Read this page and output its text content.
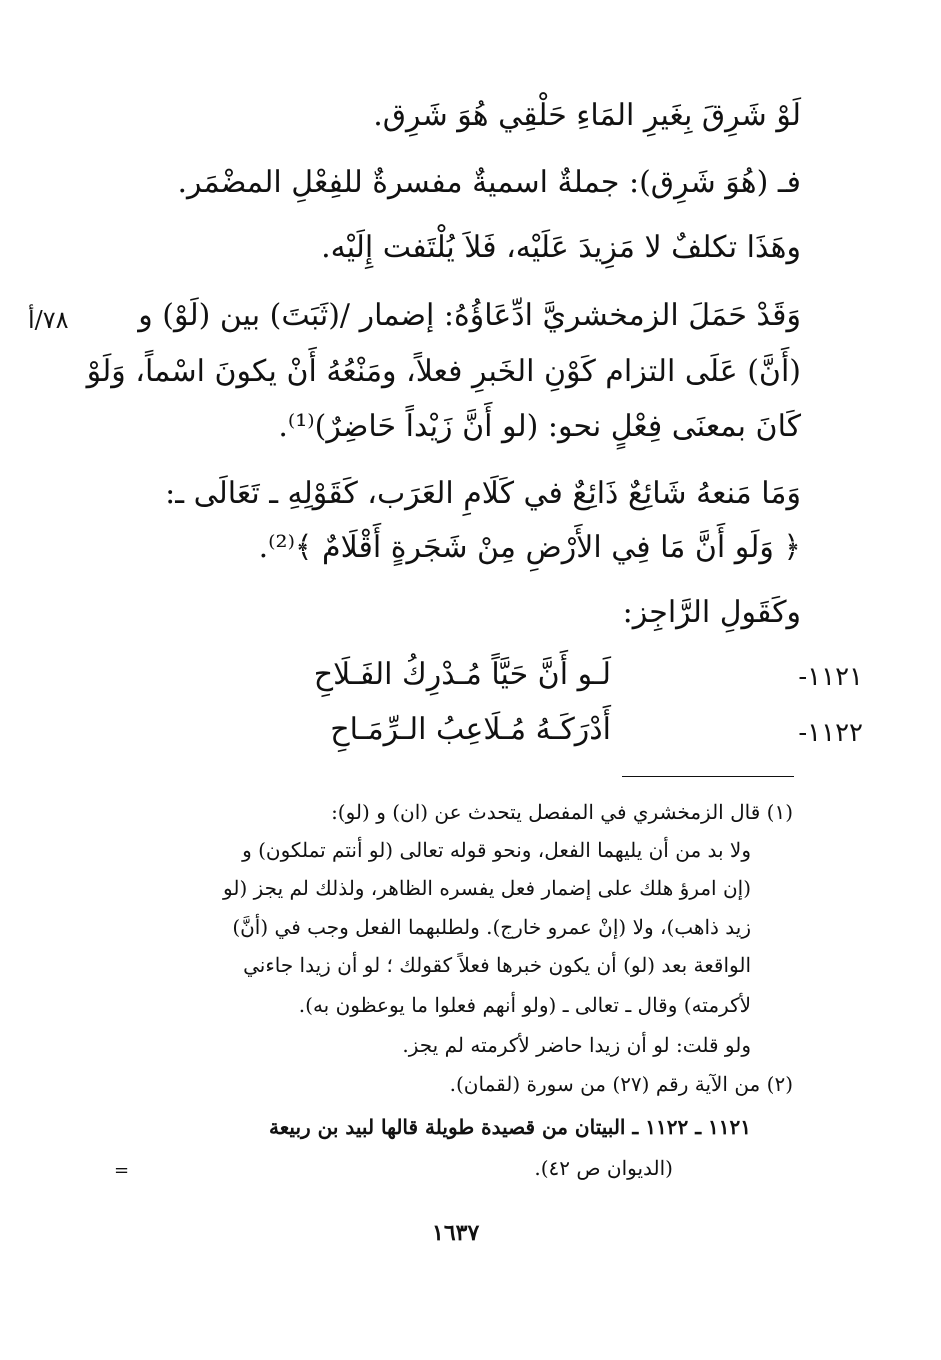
لَوْ شَرِقَ بِغَيرِ المَاءِ حَلْقِي هُوَ شَرِق.
فـ (هُوَ شَرِق): جملةٌ اسميةٌ مفسرةٌ للفِعْلِ المضْمَر.
وهَذَا تكلفٌ لا مَزِيدَ عَلَيْه، فَلاَ يُلْتَفت إِلَيْه.
وَقَدْ حَمَلَ الزمخشريَّ ادِّعَاؤُهُ: إضمار /(ثَبَتَ) بين (لَوْ) و
(أَنَّ) عَلَى التزام كَوْنِ الخَبرِ فعلاً، ومَنْعُهُ أَنْ يكونَ اسْماً، وَلَوْ
كَانَ بمعنَى فِعْلٍ نحو: (لو أَنَّ زَيْداً حَاضِرٌ)⁽¹⁾.
وَمَا مَنعهُ شَائِعٌ ذَائِعٌ في كَلَامِ العَرَب، كَقَوْلِهِ ـ تَعَالَى ـ:
﴿ وَلَو أَنَّ مَا فِي الأَرْضِ مِنْ شَجَرةٍ أَقْلَامٌ ﴾⁽²⁾.
وكَقَولِ الرَّاجِز:
٧٨/أ
١١٢١-
لَـو أَنَّ حَيَّاً مُـدْرِكُ الفَـلَاحِ
١١٢٢-
أَدْرَكَـهُ مُـلَاعِبُ الـرِّمَـاحِ
(١) قال الزمخشري في المفصل يتحدث عن (ان) و (لو):
ولا بد من أن يليهما الفعل، ونحو قوله تعالى (لو أنتم تملكون) و
(إن امرؤ هلك على إضمار فعل يفسره الظاهر، ولذلك لم يجز (لو
زيد ذاهب)، ولا (إنْ عمرو خارج). ولطلبهما الفعل وجب في (أنَّ)
الواقعة بعد (لو) أن يكون خبرها فعلاً كقولك ؛ لو أن زيدا جاءني
لأكرمته) وقال ـ تعالى ـ (ولو أنهم فعلوا ما يوعظون به).
ولو قلت: لو أن زيدا حاضر لأكرمته لم يجز.
(٢) من الآية رقم (٢٧) من سورة (لقمان).
١١٢١ ـ ١١٢٢ ـ البيتان من قصيدة طويلة قالها لبيد بن ربيعة
(الديوان ص ٤٢).
=
١٦٣٧
